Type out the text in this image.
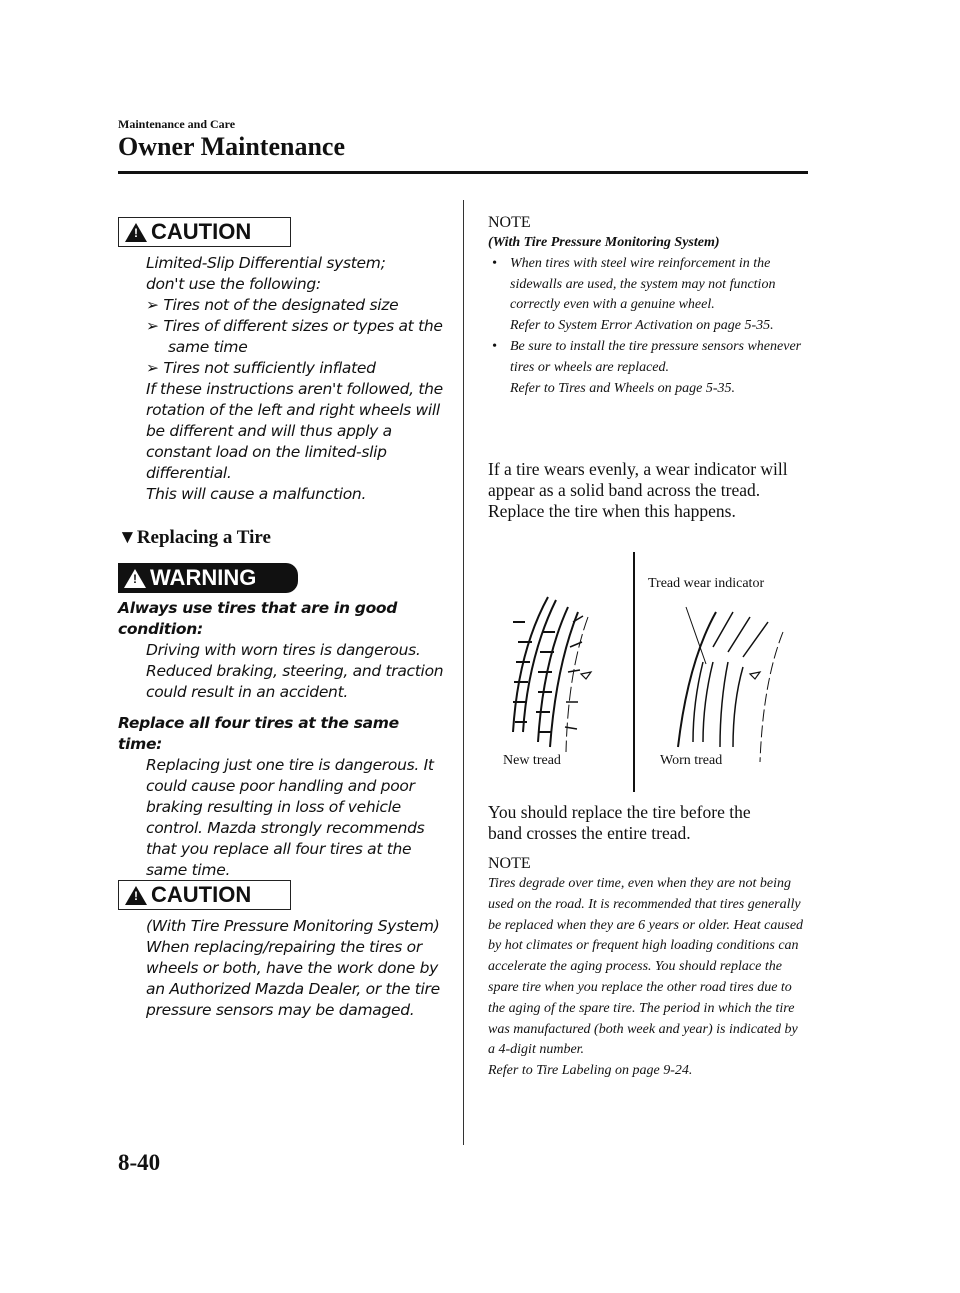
Maintenance and Care
Owner Maintenance
! CAUTION

Limited-Slip Differential system;

don't use the following:

➢ Tires not of the designated size

➢ Tires of different sizes or types at the same time

➢ Tires not sufficiently inflated

If these instructions aren't followed, the rotation of the left and right wheels will be different and will thus apply a constant load on the limited-slip differential.

This will cause a malfunction.

▼Replacing a Tire
! WARNING

Always use tires that are in good condition:

Driving with worn tires is dangerous. Reduced braking, steering, and traction could result in an accident.

Replace all four tires at the same time:

Replacing just one tire is dangerous. It could cause poor handling and poor braking resulting in loss of vehicle control. Mazda strongly recommends that you replace all four tires at the same time.

! CAUTION

(With Tire Pressure Monitoring System)

When replacing/repairing the tires or wheels or both, have the work done by an Authorized Mazda Dealer, or the tire pressure sensors may be damaged.

NOTE
(With Tire Pressure Monitoring System)
• When tires with steel wire reinforcement in the sidewalls are used, the system may not function correctly even with a genuine wheel.

Refer to System Error Activation on page 5-35.

• Be sure to install the tire pressure sensors whenever tires or wheels are replaced.

Refer to Tires and Wheels on page 5-35.

If a tire wears evenly, a wear indicator will appear as a solid band across the tread.

Replace the tire when this happens.

Tread wear indicator
New tread	Worn tread
You should replace the tire before the band crosses the entire tread.
NOTE

Tires degrade over time, even when they are not being used on the road. It is recommended that tires generally be replaced when they are 6 years or older. Heat caused by hot climates or frequent high loading conditions can accelerate the aging process. You should replace the spare tire when you replace the other road tires due to the aging of the spare tire. The period in which the tire was manufactured (both week and year) is indicated by a 4-digit number.

Refer to Tire Labeling on page 9-24.

8-40
